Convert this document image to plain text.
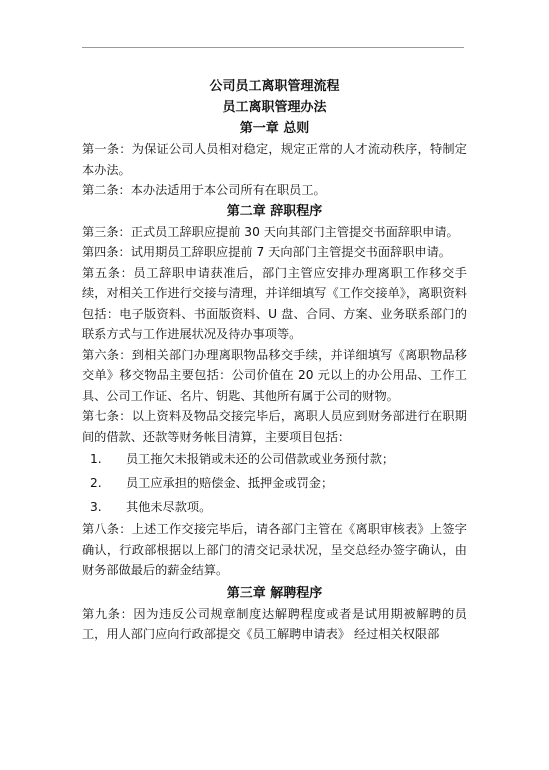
公司员工离职管理流程
员工离职管理办法
第一章 总则

第一条：为保证公司人员相对稳定，规定正常的人才流动秩序，特制定本办法。

第二条：本办法适用于本公司所有在职员工。

第二章 辞职程序

第三条：正式员工辞职应提前 30 天向其部门主管提交书面辞职申请。

第四条：试用期员工辞职应提前 7 天向部门主管提交书面辞职申请。

第五条：员工辞职申请获准后，部门主管应安排办理离职工作移交手续，对相关工作进行交接与清理，并详细填写《工作交接单》，离职资料包括：电子版资料、书面版资料、U 盘、合同、方案、业务联系部门的联系方式与工作进展状况及待办事项等。

第六条：到相关部门办理离职物品移交手续，并详细填写《离职物品移交单》移交物品主要包括：公司价值在 20 元以上的办公用品、工作工具、公司工作证、名片、钥匙、其他所有属于公司的财物。

第七条：以上资料及物品交接完毕后，离职人员应到财务部进行在职期间的借款、还款等财务帐目清算，主要项目包括：

1. 员工拖欠未报销或未还的公司借款或业务预付款；
2. 员工应承担的赔偿金、抵押金或罚金；
3. 其他未尽款项。

第八条：上述工作交接完毕后，请各部门主管在《离职审核表》上签字确认，行政部根据以上部门的清交记录状况，呈交总经办签字确认，由财务部做最后的薪金结算。

第三章 解聘程序

第九条：因为违反公司规章制度达解聘程度或者是试用期被解聘的员工，用人部门应向行政部提交《员工解聘申请表》 经过相关权限部
